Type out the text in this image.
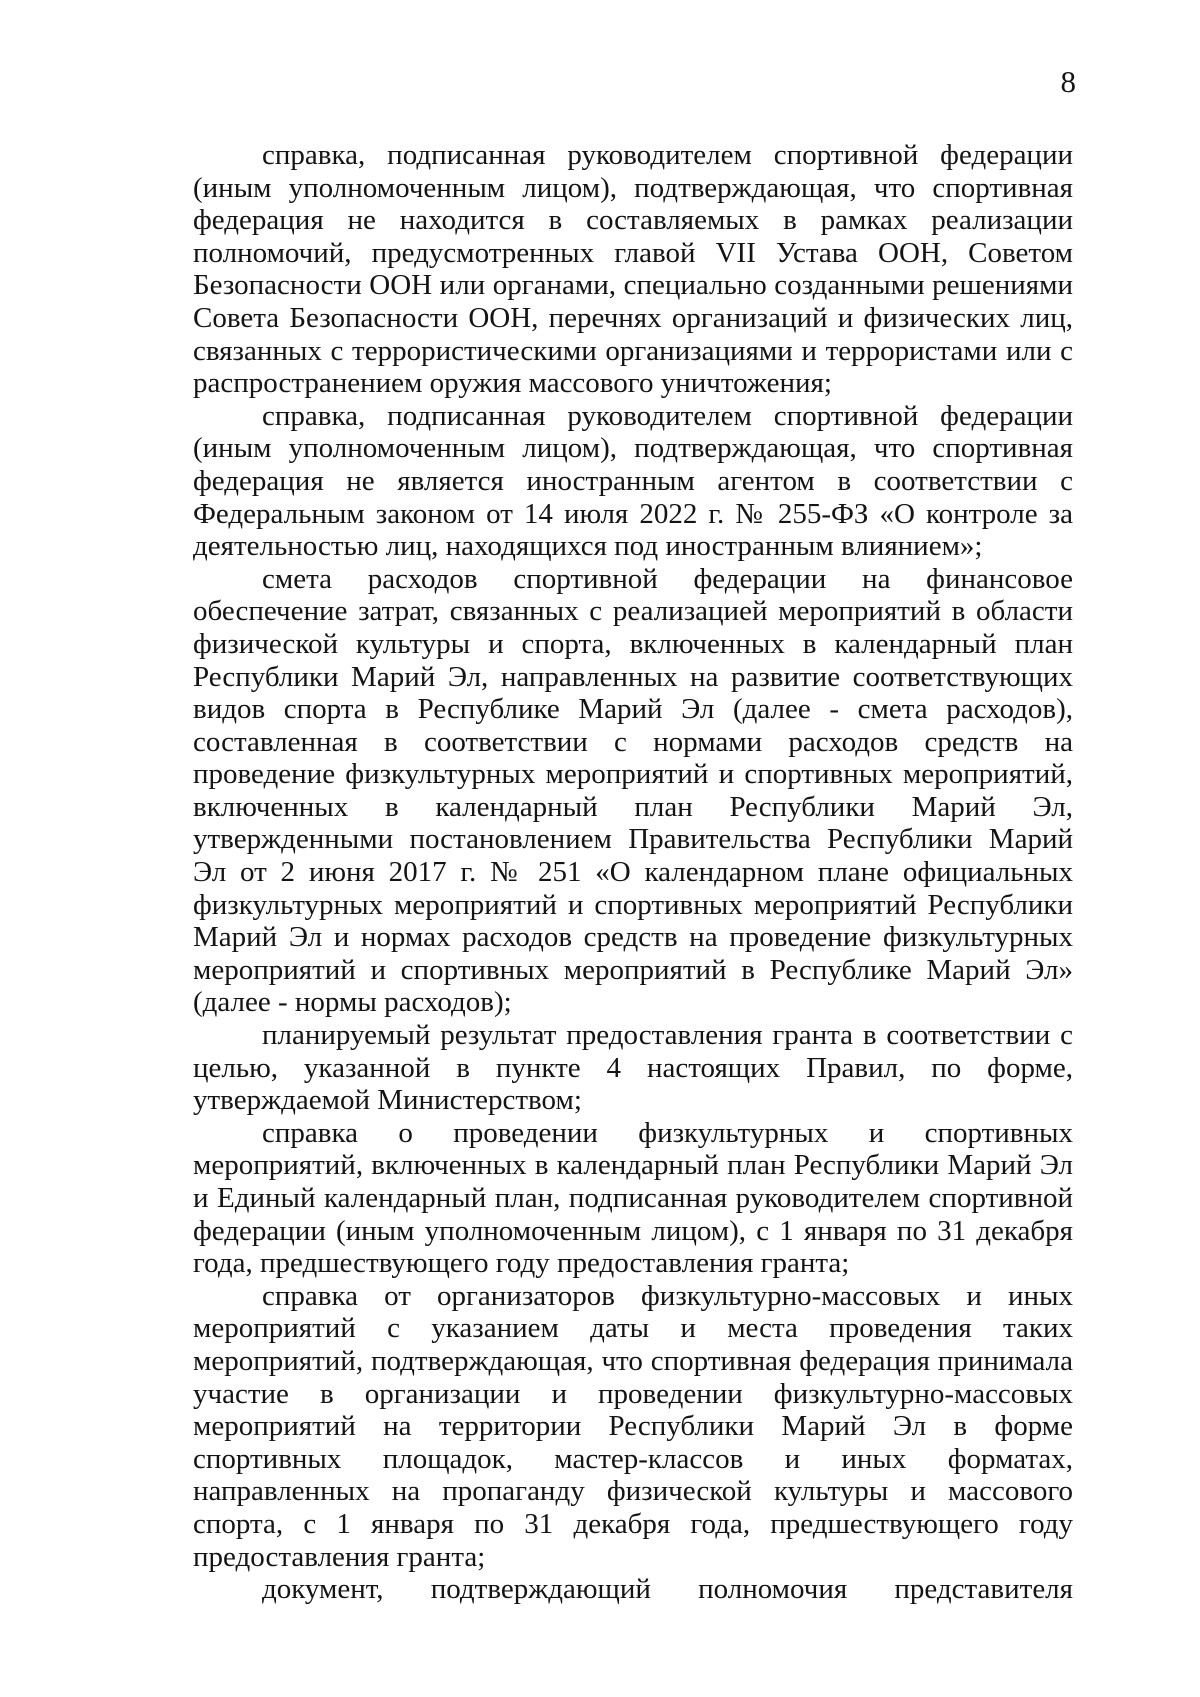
8

справка, подписанная руководителем спортивной федерации (иным уполномоченным лицом), подтверждающая, что спортивная федерация не находится в составляемых в рамках реализации полномочий, предусмотренных главой VII Устава ООН, Советом Безопасности ООН или органами, специально созданными решениями Совета Безопасности ООН, перечнях организаций и физических лиц, связанных с террористическими организациями и террористами или с распространением оружия массового уничтожения;

справка, подписанная руководителем спортивной федерации (иным уполномоченным лицом), подтверждающая, что спортивная федерация не является иностранным агентом в соответствии с Федеральным законом от 14 июля 2022 г. № 255-ФЗ «О контроле за деятельностью лиц, находящихся под иностранным влиянием»;

смета расходов спортивной федерации на финансовое обеспечение затрат, связанных с реализацией мероприятий в области физической культуры и спорта, включенных в календарный план Республики Марий Эл, направленных на развитие соответствующих видов спорта в Республике Марий Эл (далее - смета расходов), составленная в соответствии с нормами расходов средств на проведение физкультурных мероприятий и спортивных мероприятий, включенных в календарный план Республики Марий Эл, утвержденными постановлением Правительства Республики Марий Эл от 2 июня 2017 г. № 251 «О календарном плане официальных физкультурных мероприятий и спортивных мероприятий Республики Марий Эл и нормах расходов средств на проведение физкультурных мероприятий и спортивных мероприятий в Республике Марий Эл» (далее - нормы расходов);

планируемый результат предоставления гранта в соответствии с целью, указанной в пункте 4 настоящих Правил, по форме, утверждаемой Министерством;

справка о проведении физкультурных и спортивных мероприятий, включенных в календарный план Республики Марий Эл и Единый календарный план, подписанная руководителем спортивной федерации (иным уполномоченным лицом), с 1 января по 31 декабря года, предшествующего году предоставления гранта;

справка от организаторов физкультурно-массовых и иных мероприятий с указанием даты и места проведения таких мероприятий, подтверждающая, что спортивная федерация принимала участие в организации и проведении физкультурно-массовых мероприятий на территории Республики Марий Эл в форме спортивных площадок, мастер-классов и иных форматах, направленных на пропаганду физической культуры и массового спорта, с 1 января по 31 декабря года, предшествующего году предоставления гранта;

документ, подтверждающий полномочия представителя
